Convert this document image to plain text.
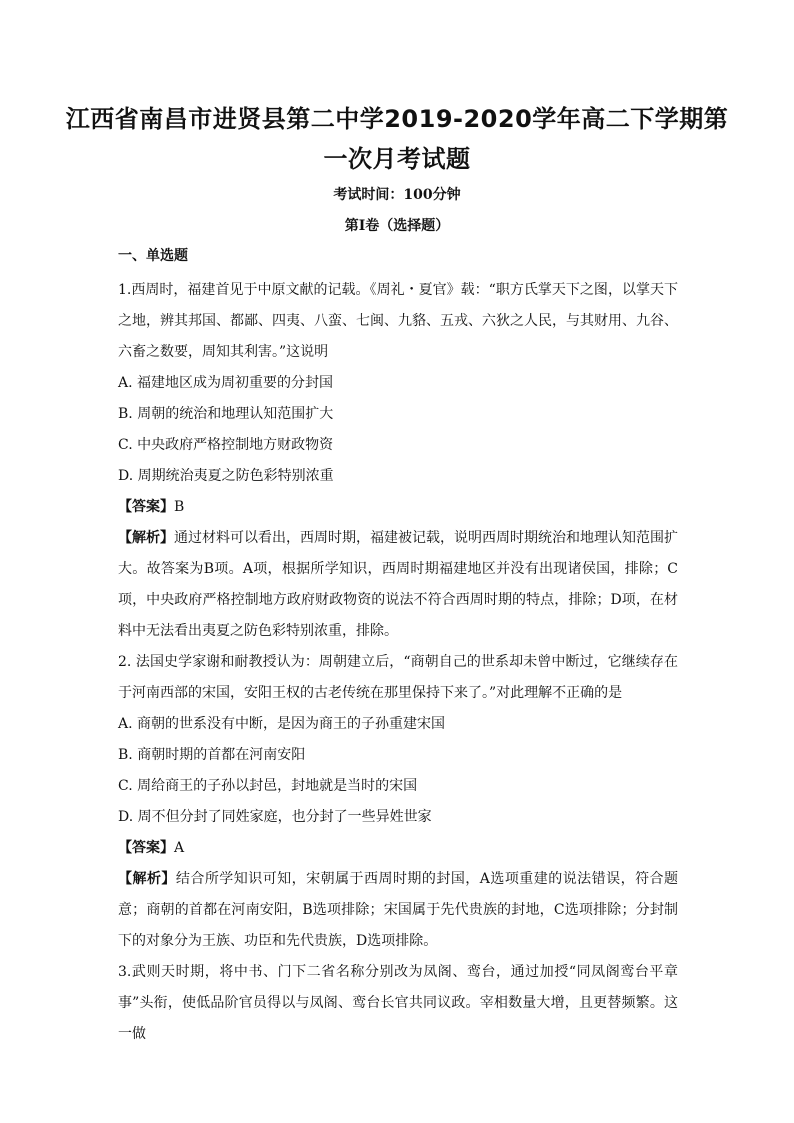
江西省南昌市进贤县第二中学2019-2020学年高二下学期第
一次月考试题
考试时间：100分钟
第Ⅰ卷（选择题）
一、单选题

1.西周时，福建首见于中原文献的记载。《周礼・夏官》载：“职方氏掌天下之图，以掌天下之地，辨其邦国、都鄙、四夷、八蛮、七闽、九貉、五戎、六狄之人民，与其财用、九谷、六畜之数要，周知其利害。”这说明

A. 福建地区成为周初重要的分封国

B. 周朝的统治和地理认知范围扩大

C. 中央政府严格控制地方财政物资

D. 周期统治夷夏之防色彩特别浓重

【答案】B

【解析】通过材料可以看出，西周时期，福建被记载，说明西周时期统治和地理认知范围扩大。故答案为B项。A项，根据所学知识，西周时期福建地区并没有出现诸侯国，排除；C项，中央政府严格控制地方政府财政物资的说法不符合西周时期的特点，排除；D项，在材料中无法看出夷夏之防色彩特别浓重，排除。

2. 法国史学家谢和耐教授认为：周朝建立后，“商朝自己的世系却未曾中断过，它继续存在于河南西部的宋国，安阳王权的古老传统在那里保持下来了。”对此理解不正确的是

A. 商朝的世系没有中断，是因为商王的子孙重建宋国

B. 商朝时期的首都在河南安阳

C. 周给商王的子孙以封邑，封地就是当时的宋国

D. 周不但分封了同姓家庭，也分封了一些异姓世家

【答案】A

【解析】结合所学知识可知，宋朝属于西周时期的封国，A选项重建的说法错误，符合题意；商朝的首都在河南安阳，B选项排除；宋国属于先代贵族的封地，C选项排除；分封制下的对象分为王族、功臣和先代贵族，D选项排除。

3.武则天时期，将中书、门下二省名称分别改为凤阁、鸾台，通过加授“同凤阁鸾台平章事”头衔，使低品阶官员得以与凤阁、鸾台长官共同议政。宰相数量大增，且更替频繁。这一做
